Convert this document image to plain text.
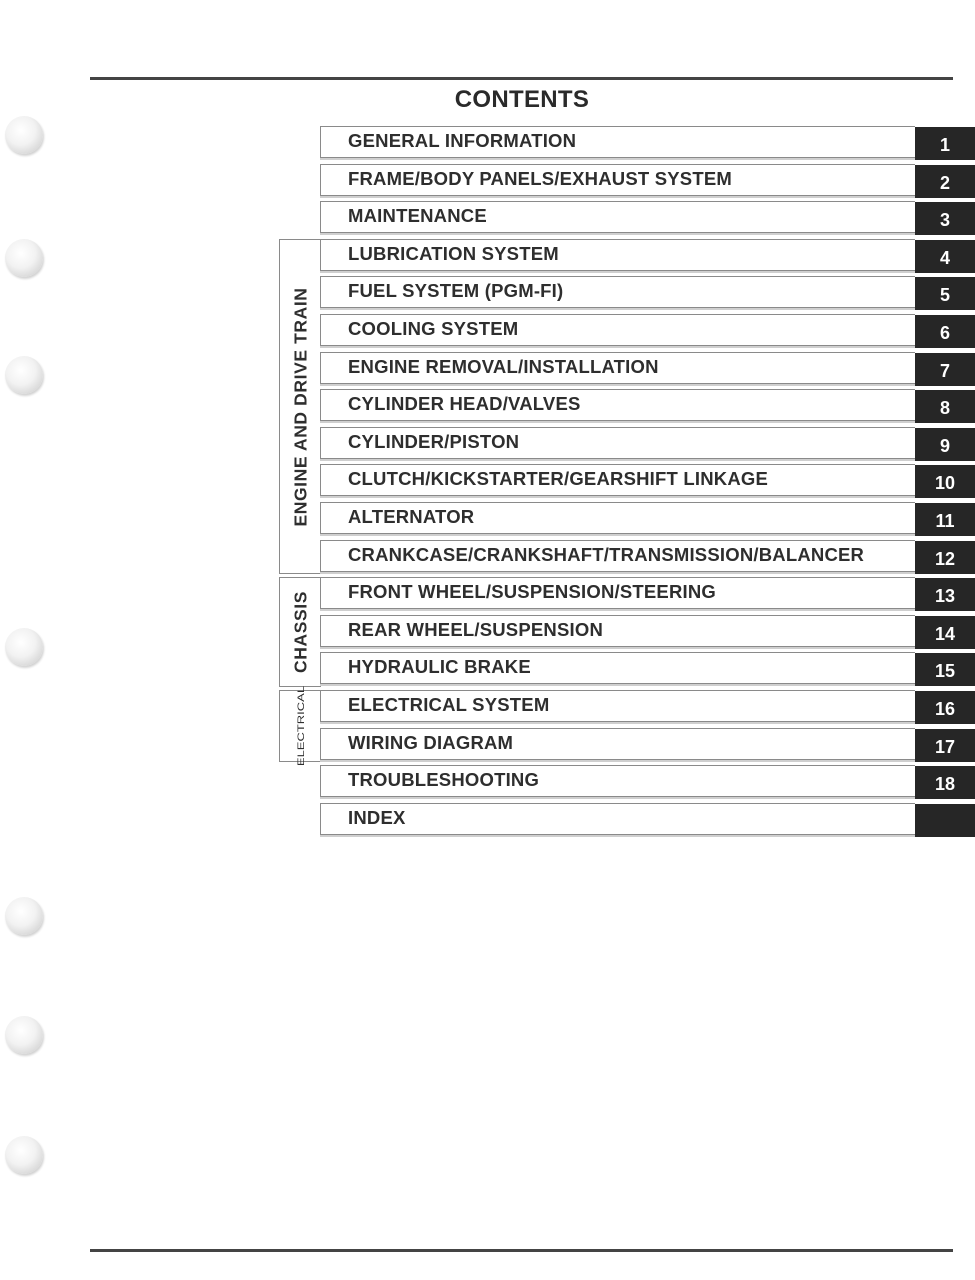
CONTENTS
ENGINE AND DRIVE TRAIN
CHASSIS
ELECTRICAL
GENERAL INFORMATION	1
FRAME/BODY PANELS/EXHAUST SYSTEM	2
MAINTENANCE	3
LUBRICATION SYSTEM	4
FUEL SYSTEM (PGM-FI)	5
COOLING SYSTEM	6
ENGINE REMOVAL/INSTALLATION	7
CYLINDER HEAD/VALVES	8
CYLINDER/PISTON	9
CLUTCH/KICKSTARTER/GEARSHIFT LINKAGE	10
ALTERNATOR	11
CRANKCASE/CRANKSHAFT/TRANSMISSION/BALANCER	12
FRONT WHEEL/SUSPENSION/STEERING	13
REAR WHEEL/SUSPENSION	14
HYDRAULIC BRAKE	15
ELECTRICAL SYSTEM	16
WIRING DIAGRAM	17
TROUBLESHOOTING	18
INDEX
